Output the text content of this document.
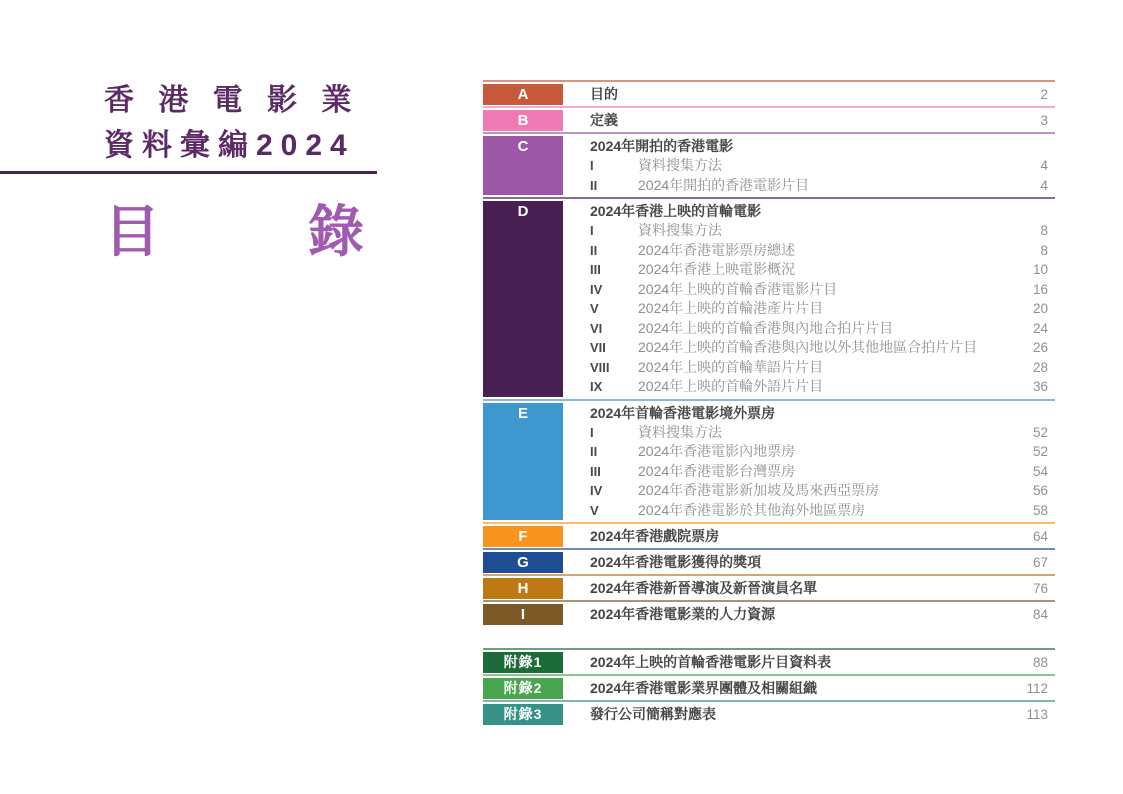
香 港 電 影 業
資料彙編2024
目	錄
A	目的	2
B	定義	3
C	2024年開拍的香港電影
I	資料搜集方法	4
II	2024年開拍的香港電影片目	4
D	2024年香港上映的首輪電影
I	資料搜集方法	8
II	2024年香港電影票房總述	8
III	2024年香港上映電影概況	10
IV	2024年上映的首輪香港電影片目	16
V	2024年上映的首輪港產片片目	20
VI	2024年上映的首輪香港與內地合拍片片目	24
VII	2024年上映的首輪香港與內地以外其他地區合拍片片目	26
VIII	2024年上映的首輪華語片片目	28
IX	2024年上映的首輪外語片片目	36
E	2024年首輪香港電影境外票房
I	資料搜集方法	52
II	2024年香港電影內地票房	52
III	2024年香港電影台灣票房	54
IV	2024年香港電影新加坡及馬來西亞票房	56
V	2024年香港電影於其他海外地區票房	58
F	2024年香港戲院票房	64
G	2024年香港電影獲得的獎項	67
H	2024年香港新晉導演及新晉演員名單	76
I	2024年香港電影業的人力資源	84
附錄1	2024年上映的首輪香港電影片目資料表	88
附錄2	2024年香港電影業界團體及相關組織	112
附錄3	發行公司簡稱對應表	113
